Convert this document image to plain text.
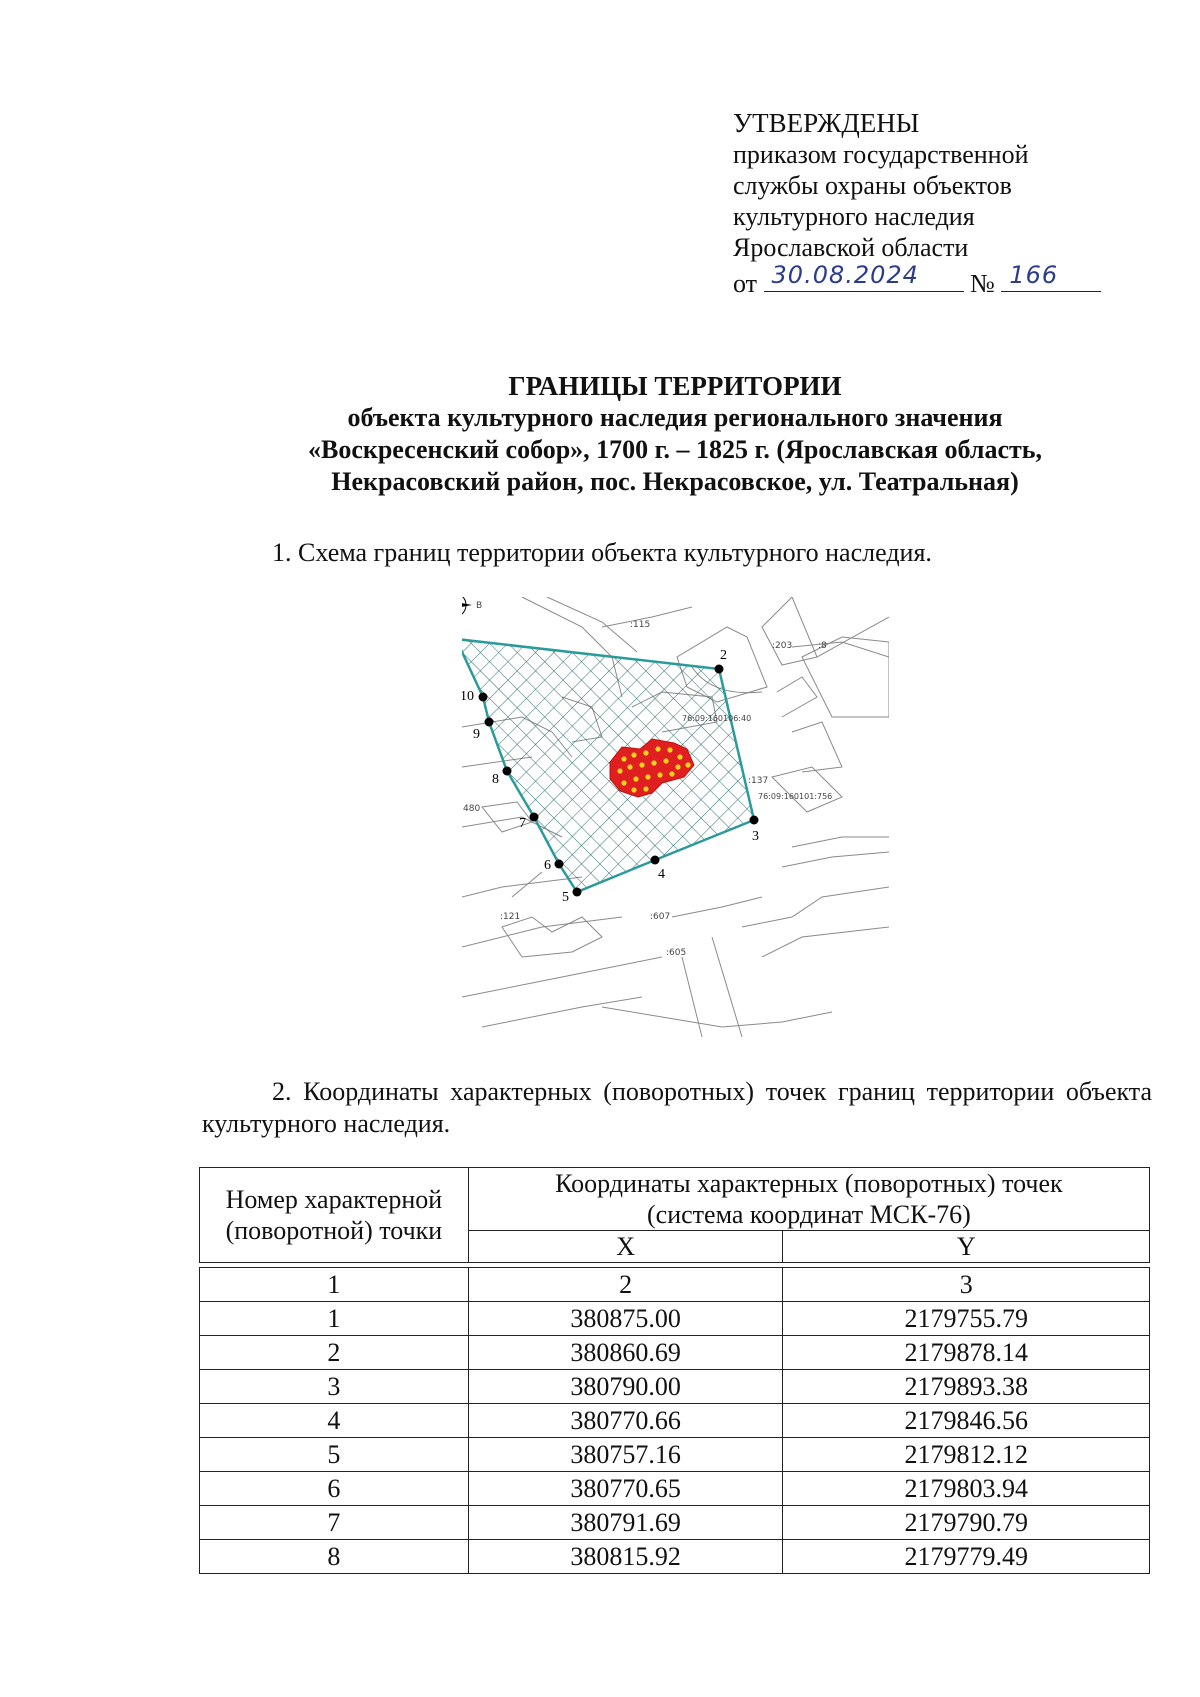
УТВЕРЖДЕНЫ
приказом государственной
службы охраны объектов
культурного наследия
Ярославской области
от 30.08.2024 № 166
ГРАНИЦЫ ТЕРРИТОРИИ
объекта культурного наследия регионального значения
«Воскресенский собор», 1700 г. – 1825 г. (Ярославская область,
Некрасовский район, пос. Некрасовское, ул. Театральная)
1. Схема границ территории объекта культурного наследия.
В
:115
:203
:137
:480
:121	:607
:605
:8
76:09:160106:40
76:09:160101:756
2
3
4
5
6
7
8
9
10
2. Координаты характерных (поворотных) точек границ территории объекта культурного наследия.
Номер характерной (поворотной) точки	Координаты характерных (поворотных) точек
(система координат МСК-76)	

	X	Y

1	2	3
1	380875.00	2179755.79
2	380860.69	2179878.14
3	380790.00	2179893.38
4	380770.66	2179846.56
5	380757.16	2179812.12
6	380770.65	2179803.94
7	380791.69	2179790.79
8	380815.92	2179779.49
